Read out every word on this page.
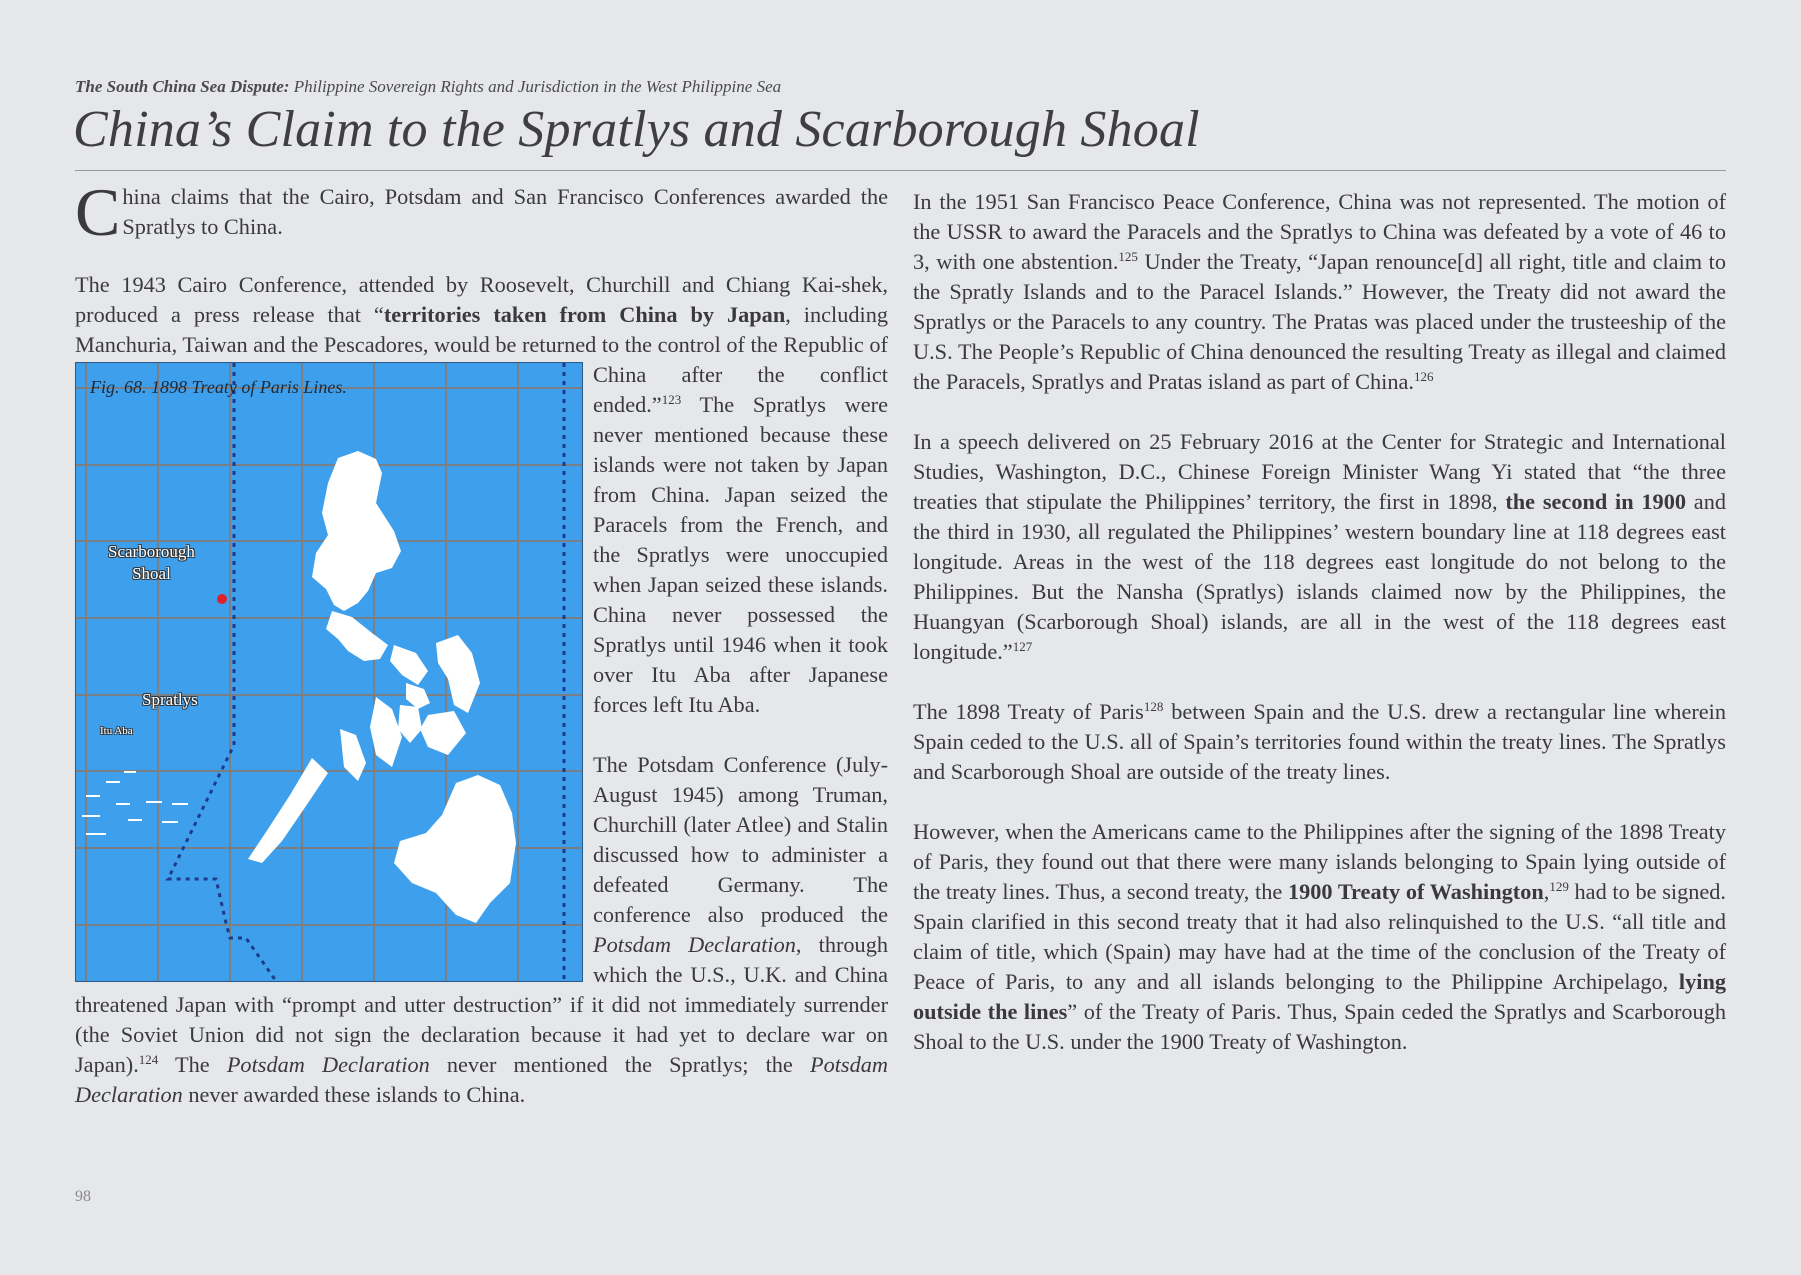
The South China Sea Dispute: Philippine Sovereign Rights and Jurisdiction in the West Philippine Sea
China’s Claim to the Spratlys and Scarborough Shoal

China claims that the Cairo, Potsdam and San Francisco Conferences awarded the Spratlys to China.

The 1943 Cairo Conference, attended by Roosevelt, Churchill and Chiang Kai-shek, produced a press release that “territories taken from China by Japan, including Manchuria, Taiwan and the Pescadores, would be returned to the
Fig. 68. 1898 Treaty of Paris Lines.
Scarborough
Shoal
Spratlys
Itu Aba
control of the Republic of China after the conflict ended.”$^{123}$ The Spratlys were never mentioned because these islands were not taken by Japan from China. Japan seized the Paracels from the French, and the Spratlys were unoccupied when Japan seized these islands. China never possessed the Spratlys until 1946 when it took over Itu Aba after Japanese forces left Itu Aba.

The Potsdam Conference (July-August 1945) among Truman, Churchill (later Atlee) and Stalin discussed how to administer a defeated Germany. The conference also produced the Potsdam Declaration, through which the U.S., U.K. and China threatened Japan with “prompt and utter destruction” if it did not immediately surrender (the Soviet Union did not sign the declaration because it had yet to declare war on Japan).$^{124}$ The Potsdam Declaration never mentioned the Spratlys; the Potsdam Declaration never awarded these islands to China.

In the 1951 San Francisco Peace Conference, China was not represented. The motion of the USSR to award the Paracels and the Spratlys to China was defeated by a vote of 46 to 3, with one abstention.$^{125}$ Under the Treaty, “Japan renounce[d] all right, title and claim to the Spratly Islands and to the Paracel Islands.” However, the Treaty did not award the Spratlys or the Paracels to any country. The Pratas was placed under the trusteeship of the U.S. The People’s Republic of China denounced the resulting Treaty as illegal and claimed the Paracels, Spratlys and Pratas island as part of China.$^{126}$

In a speech delivered on 25 February 2016 at the Center for Strategic and International Studies, Washington, D.C., Chinese Foreign Minister Wang Yi stated that “the three treaties that stipulate the Philippines’ territory, the first in 1898, the second in 1900 and the third in 1930, all regulated the Philippines’ western boundary line at 118 degrees east longitude. Areas in the west of the 118 degrees east longitude do not belong to the Philippines. But the Nansha (Spratlys) islands claimed now by the Philippines, the Huangyan (Scarborough Shoal) islands, are all in the west of the 118 degrees east longitude.”$^{127}$

The 1898 Treaty of Paris$^{128}$ between Spain and the U.S. drew a rectangular line wherein Spain ceded to the U.S. all of Spain’s territories found within the treaty lines. The Spratlys and Scarborough Shoal are outside of the treaty lines.

However, when the Americans came to the Philippines after the signing of the 1898 Treaty of Paris, they found out that there were many islands belonging to Spain lying outside of the treaty lines. Thus, a second treaty, the 1900 Treaty of Washington,$^{129}$ had to be signed. Spain clarified in this second treaty that it had also relinquished to the U.S. “all title and claim of title, which (Spain) may have had at the time of the conclusion of the Treaty of Peace of Paris, to any and all islands belonging to the Philippine Archipelago, lying outside the lines” of the Treaty of Paris. Thus, Spain ceded the Spratlys and Scarborough Shoal to the U.S. under the 1900 Treaty of Washington.

98
